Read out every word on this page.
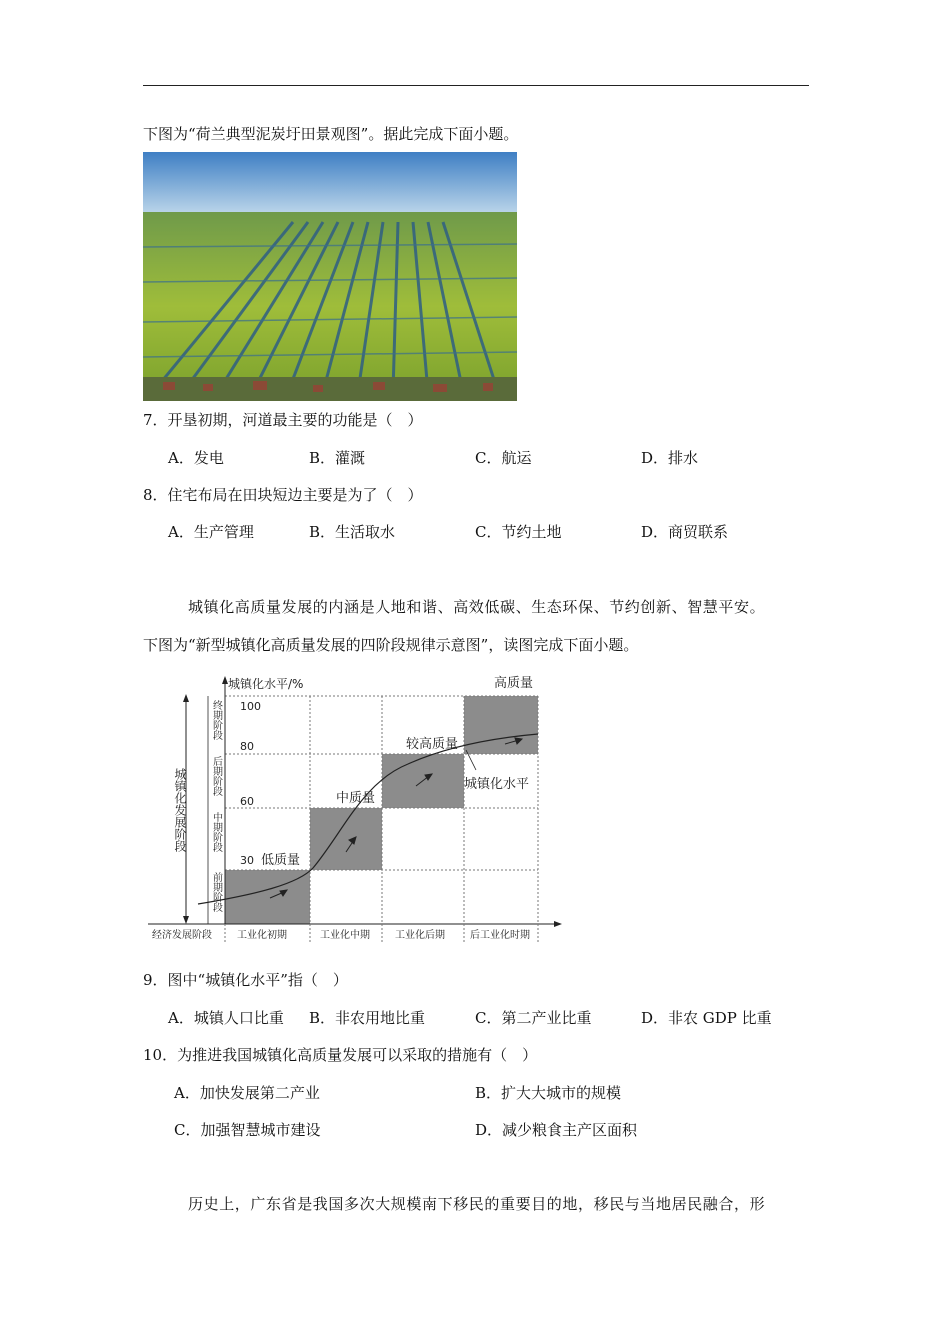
下图为“荷兰典型泥炭圩田景观图”。据此完成下面小题。
7．开垦初期，河道最主要的功能是（　）
A．发电	B．灌溉	C．航运	D．排水
8．住宅布局在田块短边主要是为了（　）
A．生产管理	B．生活取水	C．节约土地	D．商贸联系
城镇化高质量发展的内涵是人地和谐、高效低碳、生态环保、节约创新、智慧平安。
下图为“新型城镇化高质量发展的四阶段规律示意图”，读图完成下面小题。
城镇化水平/%
100
80
60
30 低质量
中质量
较高质量
高质量
城镇化水平
经济发展阶段	工业化初期	工业化中期	工业化后期	后工业化时期
城镇化发展阶段
终期阶段
后期阶段
中期阶段
前期阶段
9．图中“城镇化水平”指（　）
A．城镇人口比重 B．非农用地比重	C．第二产业比重	D．非农 GDP 比重
10．为推进我国城镇化高质量发展可以采取的措施有（　）
A．加快发展第二产业	B．扩大大城市的规模
C．加强智慧城市建设	D．减少粮食主产区面积
历史上，广东省是我国多次大规模南下移民的重要目的地，移民与当地居民融合，形
